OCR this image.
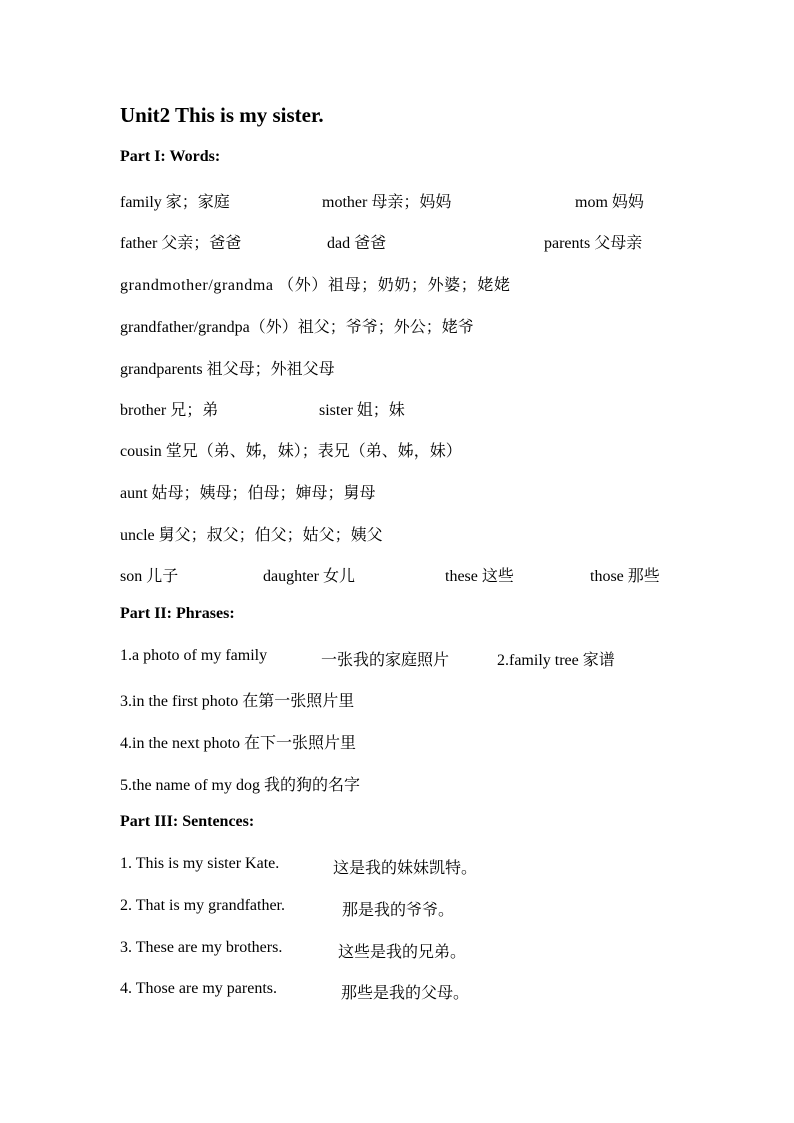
Unit2 This is my sister.
Part I: Words:
family 家；家庭	mother 母亲；妈妈	mom 妈妈
father 父亲；爸爸	dad 爸爸	parents 父母亲
grandmother/grandma （外）祖母；奶奶；外婆；姥姥
grandfather/grandpa（外）祖父；爷爷；外公；姥爷
grandparents 祖父母；外祖父母
brother 兄；弟	sister 姐；妹
cousin 堂兄（弟、姊，妹）；表兄（弟、姊，妹）
aunt 姑母；姨母；伯母；婶母；舅母
uncle 舅父；叔父；伯父；姑父；姨父
son 儿子	daughter 女儿	these 这些	those 那些
Part II: Phrases:
1.a photo of my family	一张我的家庭照片	2.family tree 家谱
3.in the first photo 在第一张照片里
4.in the next photo 在下一张照片里
5.the name of my dog 我的狗的名字
Part III: Sentences:
1. This is my sister Kate.	这是我的妹妹凯特。
2. That is my grandfather.	那是我的爷爷。
3. These are my brothers.	这些是我的兄弟。
4. Those are my parents.	那些是我的父母。
